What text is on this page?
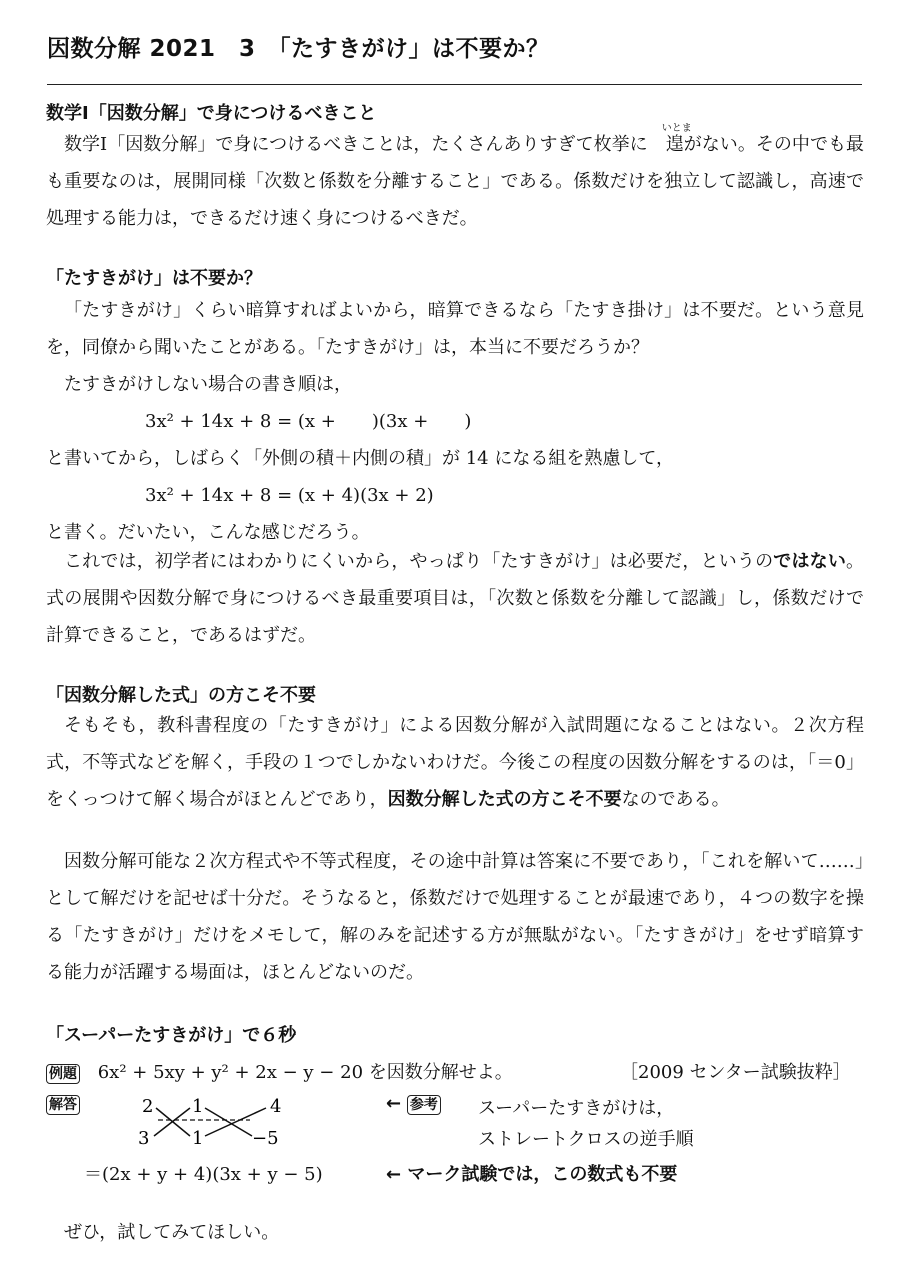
因数分解 2021　3　「たすきがけ」は不要か？
数学Ⅰ「因数分解」で身につけるべきこと

数学Ⅰ「因数分解」で身につけるべきことは，たくさんありすぎて枚挙に
いとま
遑がない。その中でも最も重要なのは，展開同様「次数と係数を分離すること」である。係数だけを独立して認識し，高速で処理する能力は，できるだけ速く身につけるべきだ。

「たすきがけ」は不要か？

「たすきがけ」くらい暗算すればよいから，暗算できるなら「たすき掛け」は不要だ。という意見を，同僚から聞いたことがある。「たすきがけ」は，本当に不要だろうか？

たすきがけしない場合の書き順は，

3x² + 14x + 8 = (x +　　)(3x +　　)

と書いてから，しばらく「外側の積＋内側の積」が 14 になる組を熟慮して，

3x² + 14x + 8 = (x + 4)(3x + 2)

と書く。だいたい，こんな感じだろう。

これでは，初学者にはわかりにくいから，やっぱり「たすきがけ」は必要だ，というのではない。式の展開や因数分解で身につけるべき最重要項目は，「次数と係数を分離して認識」し，係数だけで計算できること，であるはずだ。

「因数分解した式」の方こそ不要

そもそも，教科書程度の「たすきがけ」による因数分解が入試問題になることはない。２次方程式，不等式などを解く，手段の１つでしかないわけだ。今後この程度の因数分解をするのは，「＝0」をくっつけて解く場合がほとんどであり，因数分解した式の方こそ不要なのである。

因数分解可能な２次方程式や不等式程度，その途中計算は答案に不要であり，「これを解いて……」として解だけを記せば十分だ。そうなると，係数だけで処理することが最速であり，４つの数字を操る「たすきがけ」だけをメモして，解のみを記述する方が無駄がない。「たすきがけ」をせず暗算する能力が活躍する場面は，ほとんどないのだ。

「スーパーたすきがけ」で６秒
例題 6x² + 5xy + y² + 2x − y − 20 を因数分解せよ。	［2009 センター試験抜粋］
解答	2 1	4
3 1	−5
← 参考 スーパーたすきがけは，
ストレートクロスの逆手順
＝(2x + y + 4)(3x + y − 5)	← マーク試験では，この数式も不要
ぜひ，試してみてほしい。
